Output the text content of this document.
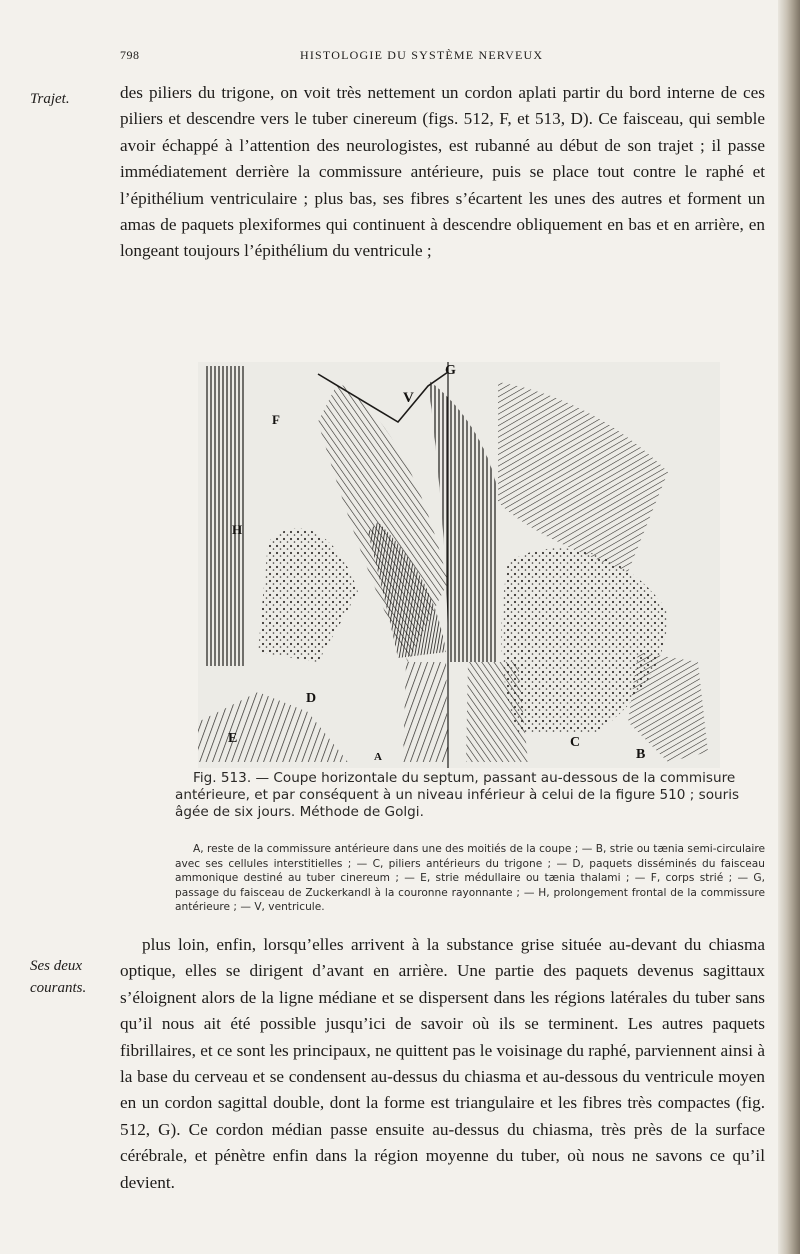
798	HISTOLOGIE DU SYSTÈME NERVEUX
Trajet.	des piliers du trigone, on voit très nettement un cordon aplati partir du bord interne de ces piliers et descendre vers le tuber cinereum (figs. 512, F, et 513, D). Ce faisceau, qui semble avoir échappé à l’attention des neurologistes, est rubanné au début de son trajet ; il passe immédiatement derrière la commissure antérieure, puis se place tout contre le raphé et l’épithélium ventriculaire ; plus bas, ses fibres s’écartent les unes des autres et forment un amas de paquets plexiformes qui continuent à descendre obliquement en bas et en arrière, en longeant toujours l’épithélium du ventricule ;

G
V
F
H
E
D
C
A	B
Fig. 513. — Coupe horizontale du septum, passant au-dessous de la commisure antérieure, et par conséquent à un niveau inférieur à celui de la figure 510 ; souris âgée de six jours. Méthode de Golgi.
A, reste de la commissure antérieure dans une des moitiés de la coupe ; — B, strie ou tænia semi-circulaire avec ses cellules interstitielles ; — C, piliers antérieurs du trigone ; — D, paquets disséminés du faisceau ammonique destiné au tuber cinereum ; — E, strie médullaire ou tænia thalami ; — F, corps strié ; — G, passage du faisceau de Zuckerkandl à la couronne rayonnante ; — H, prolongement frontal de la commissure antérieure ; — V, ventricule.
Ses deux
courants.

plus loin, enfin, lorsqu’elles arrivent à la substance grise située au-devant du chiasma optique, elles se dirigent d’avant en arrière. Une partie des paquets devenus sagittaux s’éloignent alors de la ligne médiane et se dispersent dans les régions latérales du tuber sans qu’il nous ait été possible jusqu’ici de savoir où ils se terminent. Les autres paquets fibrillaires, et ce sont les principaux, ne quittent pas le voisinage du raphé, parviennent ainsi à la base du cerveau et se condensent au-dessus du chiasma et au-dessous du ventricule moyen en un cordon sagittal double, dont la forme est triangulaire et les fibres très compactes (fig. 512, G). Ce cordon médian passe ensuite au-dessus du chiasma, très près de la surface cérébrale, et pénètre enfin dans la région moyenne du tuber, où nous ne savons ce qu’il devient.
